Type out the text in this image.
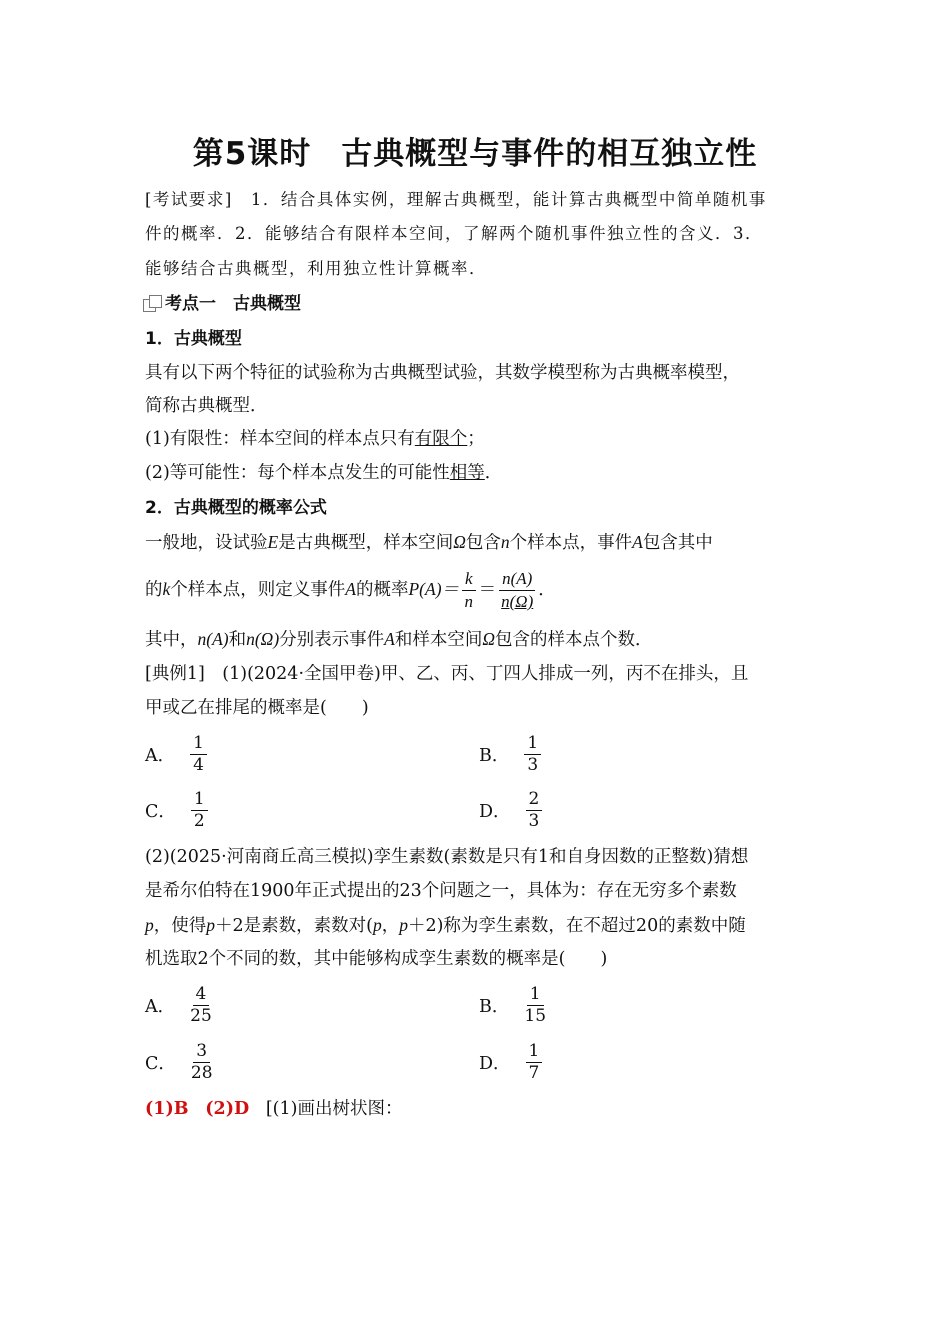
第5课时 古典概型与事件的相互独立性
[考试要求]　1．结合具体实例，理解古典概型，能计算古典概型中简单随机事
件的概率．2．能够结合有限样本空间，了解两个随机事件独立性的含义．3．
能够结合古典概型，利用独立性计算概率．
考点一　古典概型
1．古典概型
具有以下两个特征的试验称为古典概型试验，其数学模型称为古典概率模型，
简称古典概型．
(1)有限性：样本空间的样本点只有有限个；
(2)等可能性：每个样本点发生的可能性相等．
2．古典概型的概率公式
一般地，设试验E是古典概型，样本空间Ω包含n个样本点，事件A包含其中
的k个样本点，则定义事件A的概率$P(A)= \frac{k}{n} = \frac{n(A)}{n(\Omega)}$ ．
其中，n(A)和n(Ω)分别表示事件A和样本空间Ω包含的样本点个数．
[典例1]　(1)(2024·全国甲卷)甲、乙、丙、丁四人排成一列，丙不在排头，且
甲或乙在排尾的概率是(　　)
A． $\frac{1}{4}$	B． $\frac{1}{3}$
C． $\frac{1}{2}$	D． $\frac{2}{3}$
(2)(2025·河南商丘高三模拟)孪生素数(素数是只有1和自身因数的正整数)猜想
是希尔伯特在1900年正式提出的23个问题之一，具体为：存在无穷多个素数
p，使得p＋2是素数，素数对(p，p＋2)称为孪生素数，在不超过20的素数中随
机选取2个不同的数，其中能够构成孪生素数的概率是(　　)
A． $\frac{4}{25}$	B． $\frac{1}{15}$
C． $\frac{3}{28}$	D． $\frac{1}{7}$
(1)B (2)D [(1)画出树状图：
